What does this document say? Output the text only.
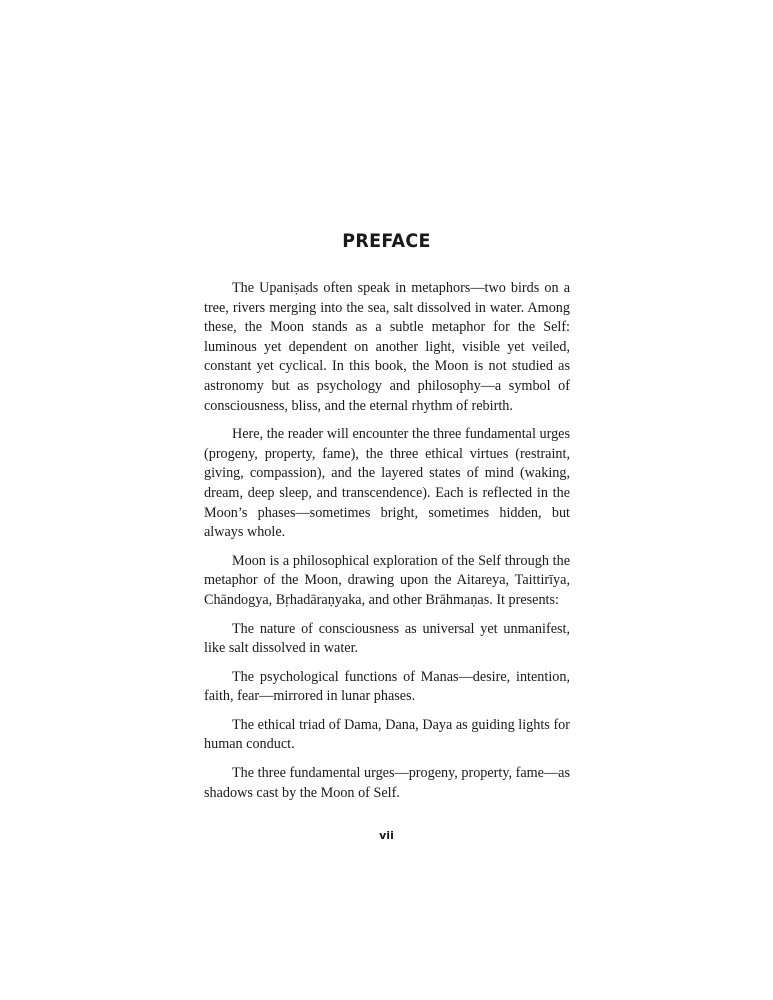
PREFACE

The Upaniṣads often speak in metaphors—two birds on a tree, rivers merging into the sea, salt dissolved in water. Among these, the Moon stands as a subtle metaphor for the Self: luminous yet dependent on another light, visible yet veiled, constant yet cyclical. In this book, the Moon is not studied as astronomy but as psychology and philosophy—a symbol of consciousness, bliss, and the eternal rhythm of rebirth.

Here, the reader will encounter the three fundamental urges (progeny, property, fame), the three ethical virtues (restraint, giving, compassion), and the layered states of mind (waking, dream, deep sleep, and transcendence). Each is reflected in the Moon’s phases—sometimes bright, sometimes hidden, but always whole.

Moon is a philosophical exploration of the Self through the metaphor of the Moon, drawing upon the Aitareya, Taittirīya, Chāndogya, Bṛhadāraṇyaka, and other Brāhmaṇas. It presents:

The nature of consciousness as universal yet unmanifest, like salt dissolved in water.

The psychological functions of Manas—desire, intention, faith, fear—mirrored in lunar phases.

The ethical triad of Dama, Dana, Daya as guiding lights for human conduct.

The three fundamental urges—progeny, property, fame—as shadows cast by the Moon of Self.

vii
